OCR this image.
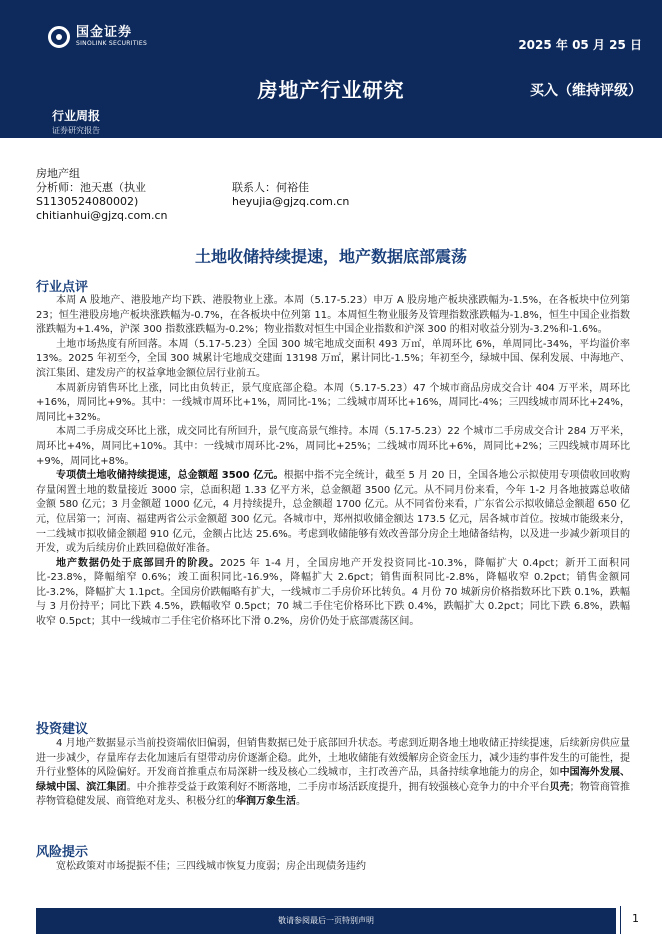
国金证券
SINOLINK SECURITIES	2025 年 05 月 25 日
房地产行业研究	买入（维持评级）
行业周报
证券研究报告
房地产组
分析师：池天惠（执业	联系人：何裕佳
S1130524080002)	heyujia@gjzq.com.cn
chitianhui@gjzq.com.cn
土地收储持续提速，地产数据底部震荡
行业点评

本周 A 股地产、港股地产均下跌、港股物业上涨。本周（5.17-5.23）申万 A 股房地产板块涨跌幅为-1.5%，在各板块中位列第 23；恒生港股房地产板块涨跌幅为-0.7%，在各板块中位列第 11。本周恒生物业服务及管理指数涨跌幅为-1.8%，恒生中国企业指数涨跌幅为+1.4%，沪深 300 指数涨跌幅为-0.2%；物业指数对恒生中国企业指数和沪深 300 的相对收益分别为-3.2%和-1.6%。

土地市场热度有所回落。本周（5.17-5.23）全国 300 城宅地成交面积 493 万㎡，单周环比 6%，单周同比-34%，平均溢价率 13%。2025 年初至今，全国 300 城累计宅地成交建面 13198 万㎡，累计同比-1.5%；年初至今，绿城中国、保利发展、中海地产、滨江集团、建发房产的权益拿地金额位居行业前五。

本周新房销售环比上涨，同比由负转正，景气度底部企稳。本周（5.17-5.23）47 个城市商品房成交合计 404 万平米，周环比+16%，周同比+9%。其中：一线城市周环比+1%，周同比-1%；二线城市周环比+16%，周同比-4%；三四线城市周环比+24%，周同比+32%。

本周二手房成交环比上涨，成交同比有所回升，景气度高景气维持。本周（5.17-5.23）22 个城市二手房成交合计 284 万平米，周环比+4%，周同比+10%。其中：一线城市周环比-2%，周同比+25%；二线城市周环比+6%，周同比+2%；三四线城市周环比+9%，周同比+8%。

专项债土地收储持续提速，总金额超 3500 亿元。根据中指不完全统计，截至 5 月 20 日，全国各地公示拟使用专项债收回收购存量闲置土地的数量接近 3000 宗，总面积超 1.33 亿平方米，总金额超 3500 亿元。从不同月份来看，今年 1-2 月各地披露总收储金额 580 亿元；3 月金额超 1000 亿元，4 月持续提升，总金额超 1700 亿元。从不同省份来看，广东省公示拟收储总金额超 650 亿元，位居第一；河南、福建两省公示金额超 300 亿元。各城市中，郑州拟收储金额达 173.5 亿元，居各城市首位。按城市能级来分，一二线城市拟收储金额超 910 亿元，金额占比达 25.6%。考虑到收储能够有效改善部分房企土地储备结构，以及进一步减少新项目的开发，或为后续房价止跌回稳做好准备。

地产数据仍处于底部回升的阶段。2025 年 1-4 月，全国房地产开发投资同比-10.3%，降幅扩大 0.4pct；新开工面积同比-23.8%，降幅缩窄 0.6%；竣工面积同比-16.9%，降幅扩大 2.6pct；销售面积同比-2.8%，降幅收窄 0.2pct；销售金额同比-3.2%，降幅扩大 1.1pct。全国房价跌幅略有扩大，一线城市二手房价环比转负。4 月份 70 城新房价格指数环比下跌 0.1%，跌幅与 3 月份持平；同比下跌 4.5%，跌幅收窄 0.5pct；70 城二手住宅价格环比下跌 0.4%，跌幅扩大 0.2pct；同比下跌 6.8%，跌幅收窄 0.5pct；其中一线城市二手住宅价格环比下滑 0.2%，房价仍处于底部震荡区间。

投资建议

4 月地产数据显示当前投资端依旧偏弱，但销售数据已处于底部回升状态。考虑到近期各地土地收储正持续提速，后续新房供应量进一步减少，存量库存去化加速后有望带动房价逐渐企稳。此外，土地收储能有效缓解房企资金压力，减少违约事件发生的可能性，提升行业整体的风险偏好。开发商首推重点布局深耕一线及核心二线城市，主打改善产品，具备持续拿地能力的房企，如中国海外发展、绿城中国、滨江集团。中介推荐受益于政策利好不断落地，二手房市场活跃度提升，拥有较强核心竞争力的中介平台贝壳；物管商管推荐物管稳健发展、商管绝对龙头、积极分红的华润万象生活。

风险提示

宽松政策对市场提振不佳；三四线城市恢复力度弱；房企出现债务违约

敬请参阅最后一页特别声明	1
